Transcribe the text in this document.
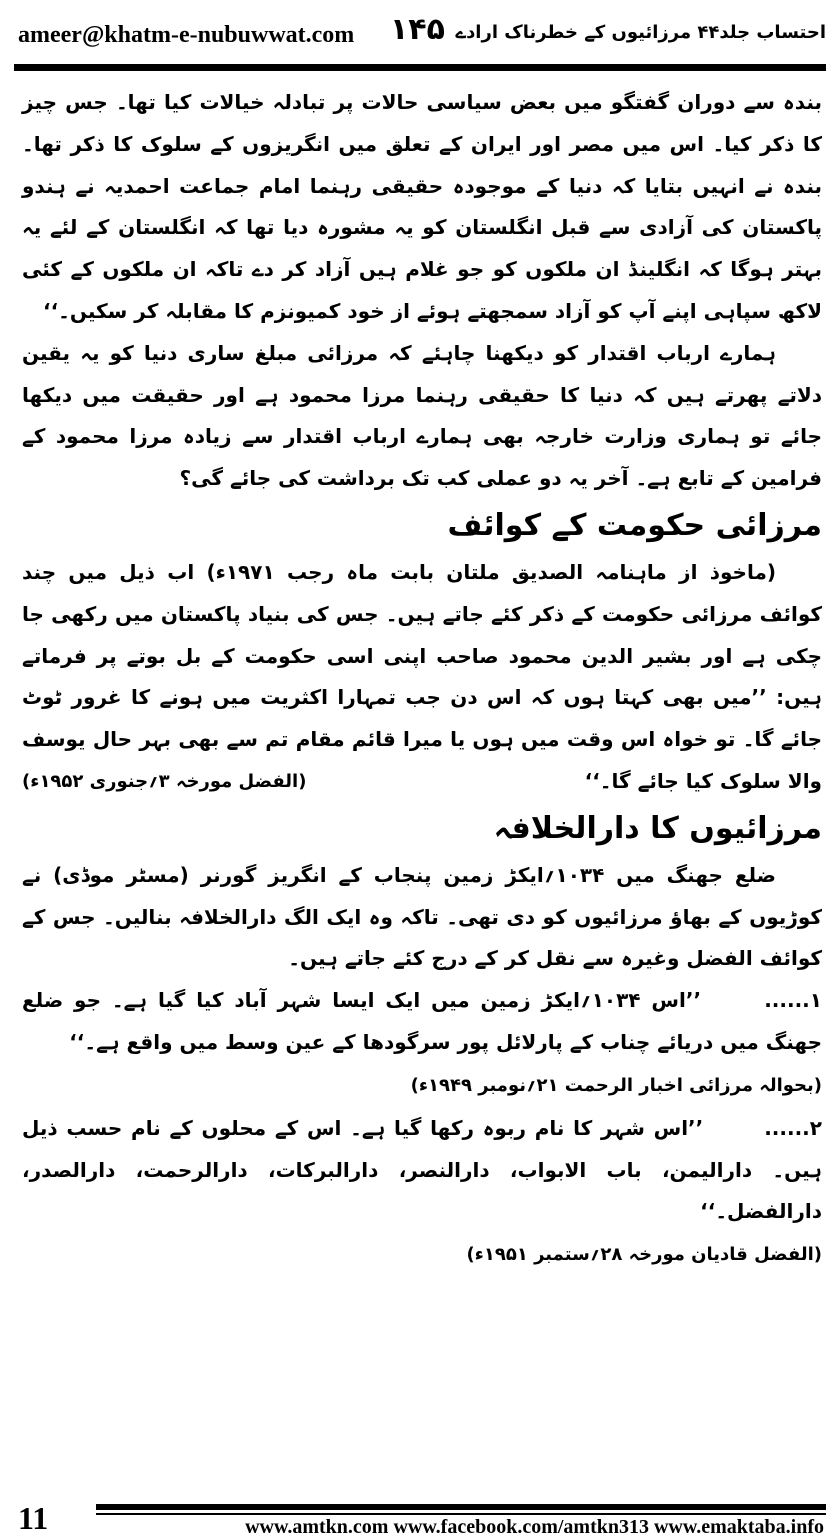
ameer@khatm-e-nubuwwat.com ۱۴۵ احتساب جلد۴۴ مرزائیوں کے خطرناک ارادے

بندہ سے دوران گفتگو میں بعض سیاسی حالات پر تبادلہ خیالات کیا تھا۔ جس چیز کا ذکر کیا۔ اس میں مصر اور ایران کے تعلق میں انگریزوں کے سلوک کا ذکر تھا۔ بندہ نے انہیں بتایا کہ دنیا کے موجودہ حقیقی رہنما امام جماعت احمدیہ نے ہندو پاکستان کی آزادی سے قبل انگلستان کو یہ مشورہ دیا تھا کہ انگلستان کے لئے یہ بہتر ہوگا کہ انگلینڈ ان ملکوں کو جو غلام ہیں آزاد کر دے تاکہ ان ملکوں کے کئی لاکھ سپاہی اپنے آپ کو آزاد سمجھتے ہوئے از خود کمیونزم کا مقابلہ کر سکیں۔‘‘

ہمارے ارباب اقتدار کو دیکھنا چاہئے کہ مرزائی مبلغ ساری دنیا کو یہ یقین دلاتے پھرتے ہیں کہ دنیا کا حقیقی رہنما مرزا محمود ہے اور حقیقت میں دیکھا جائے تو ہماری وزارت خارجہ بھی ہمارے ارباب اقتدار سے زیادہ مرزا محمود کے فرامین کے تابع ہے۔ آخر یہ دو عملی کب تک برداشت کی جائے گی؟

مرزائی حکومت کے کوائف

(ماخوذ از ماہنامہ الصدیق ملتان بابت ماہ رجب ۱۹۷۱ء) اب ذیل میں چند کوائف مرزائی حکومت کے ذکر کئے جاتے ہیں۔ جس کی بنیاد پاکستان میں رکھی جا چکی ہے اور بشیر الدین محمود صاحب اپنی اسی حکومت کے بل بوتے پر فرماتے ہیں: ’’میں بھی کہتا ہوں کہ اس دن جب تمہارا اکثریت میں ہونے کا غرور ٹوٹ جائے گا۔ تو خواہ اس وقت میں ہوں یا میرا قائم مقام تم سے بھی بہر حال یوسف والا سلوک کیا جائے گا۔‘‘
(الفضل مورخہ ۳؍جنوری ۱۹۵۲ء)

مرزائیوں کا دارالخلافہ

ضلع جھنگ میں ۱۰۳۴؍ایکڑ زمین پنجاب کے انگریز گورنر (مسٹر موڈی) نے کوڑیوں کے بھاؤ مرزائیوں کو دی تھی۔ تاکہ وہ ایک الگ دارالخلافہ بنالیں۔ جس کے کوائف الفضل وغیرہ سے نقل کر کے درج کئے جاتے ہیں۔

۱...... ’’اس ۱۰۳۴؍ایکڑ زمین میں ایک ایسا شہر آباد کیا گیا ہے۔ جو ضلع جھنگ میں دریائے چناب کے پارلائل پور سرگودھا کے عین وسط میں واقع ہے۔‘‘

(بحوالہ مرزائی اخبار الرحمت ۲۱؍نومبر ۱۹۴۹ء)

۲...... ’’اس شہر کا نام ربوہ رکھا گیا ہے۔ اس کے محلوں کے نام حسب ذیل ہیں۔ دارالیمن، باب الابواب، دارالنصر، دارالبرکات، دارالرحمت، دارالصدر، دارالفضل۔‘‘

(الفضل قادیان مورخہ ۲۸؍ستمبر ۱۹۵۱ء)

11	www.amtkn.com www.facebook.com/amtkn313 www.emaktaba.info
